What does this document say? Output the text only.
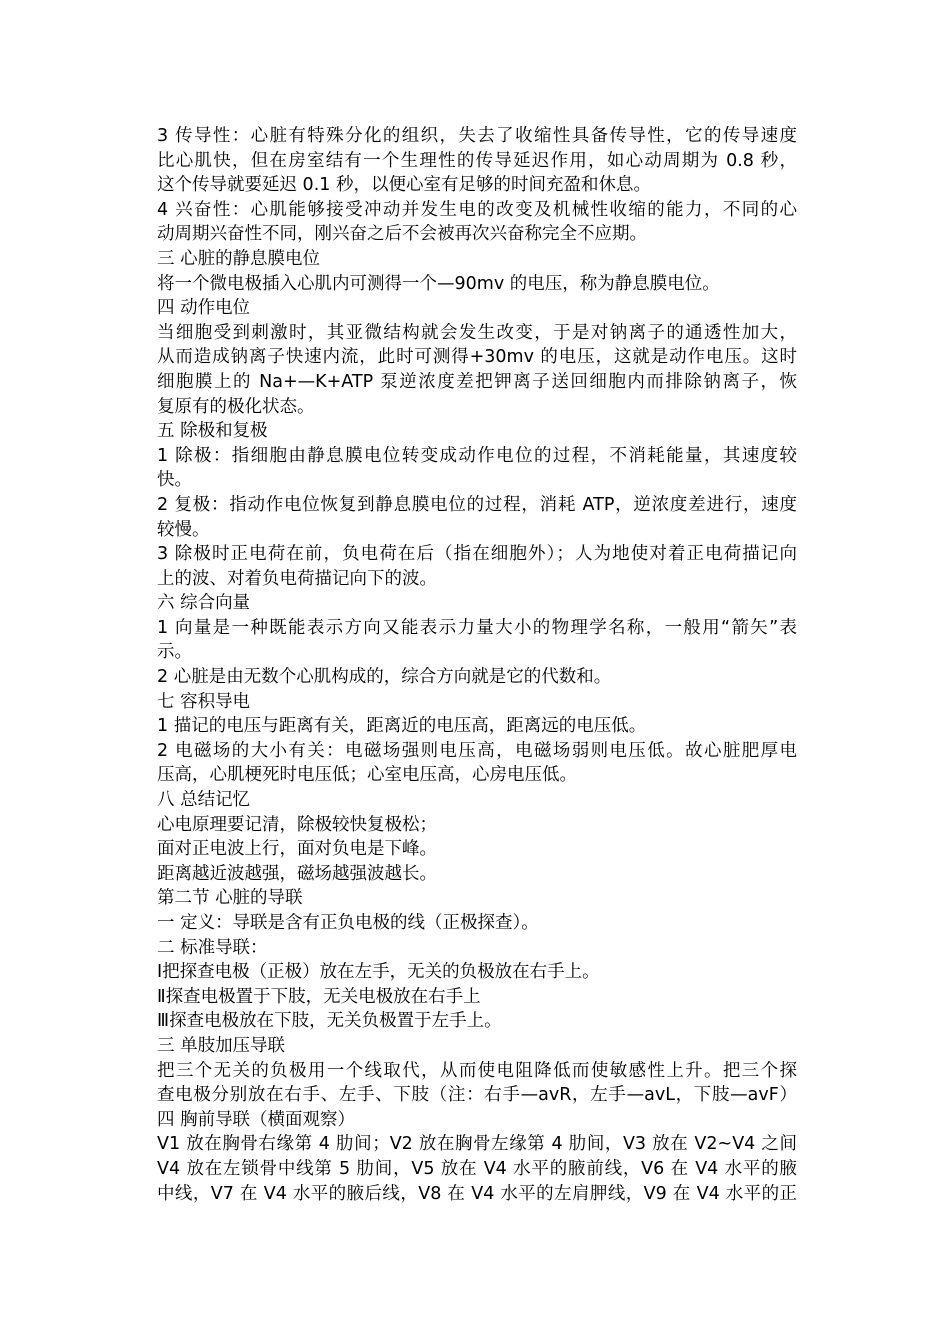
3 传导性：心脏有特殊分化的组织，失去了收缩性具备传导性，它的传导速度
比心肌快，但在房室结有一个生理性的传导延迟作用，如心动周期为 0.8 秒，
这个传导就要延迟 0.1 秒，以便心室有足够的时间充盈和休息。
4 兴奋性：心肌能够接受冲动并发生电的改变及机械性收缩的能力，不同的心
动周期兴奋性不同，刚兴奋之后不会被再次兴奋称完全不应期。
三 心脏的静息膜电位
将一个微电极插入心肌内可测得一个—90mv 的电压，称为静息膜电位。
四 动作电位
当细胞受到刺激时，其亚微结构就会发生改变，于是对钠离子的通透性加大，
从而造成钠离子快速内流，此时可测得+30mv 的电压，这就是动作电压。这时
细胞膜上的 Na+—K+ATP 泵逆浓度差把钾离子送回细胞内而排除钠离子，恢
复原有的极化状态。
五 除极和复极
1 除极：指细胞由静息膜电位转变成动作电位的过程，不消耗能量，其速度较
快。
2 复极：指动作电位恢复到静息膜电位的过程，消耗 ATP，逆浓度差进行，速度
较慢。
3 除极时正电荷在前，负电荷在后（指在细胞外）；人为地使对着正电荷描记向
上的波、对着负电荷描记向下的波。
六 综合向量
1 向量是一种既能表示方向又能表示力量大小的物理学名称，一般用“箭矢”表
示。
2 心脏是由无数个心肌构成的，综合方向就是它的代数和。
七 容积导电
1 描记的电压与距离有关，距离近的电压高，距离远的电压低。
2 电磁场的大小有关：电磁场强则电压高，电磁场弱则电压低。故心脏肥厚电
压高，心肌梗死时电压低；心室电压高，心房电压低。
八 总结记忆
心电原理要记清，除极较快复极松；
面对正电波上行，面对负电是下峰。
距离越近波越强，磁场越强波越长。
第二节 心脏的导联
一 定义：导联是含有正负电极的线（正极探查）。
二 标准导联：
Ⅰ把探查电极（正极）放在左手，无关的负极放在右手上。
Ⅱ探查电极置于下肢，无关电极放在右手上
Ⅲ探查电极放在下肢，无关负极置于左手上。
三 单肢加压导联
把三个无关的负极用一个线取代，从而使电阻降低而使敏感性上升。把三个探
查电极分别放在右手、左手、下肢（注：右手—avR，左手—avL，下肢—avF）
四 胸前导联（横面观察）
V1 放在胸骨右缘第 4 肋间；V2 放在胸骨左缘第 4 肋间，V3 放在 V2~V4 之间
V4 放在左锁骨中线第 5 肋间，V5 放在 V4 水平的腋前线，V6 在 V4 水平的腋
中线，V7 在 V4 水平的腋后线，V8 在 V4 水平的左肩胛线，V9 在 V4 水平的正
